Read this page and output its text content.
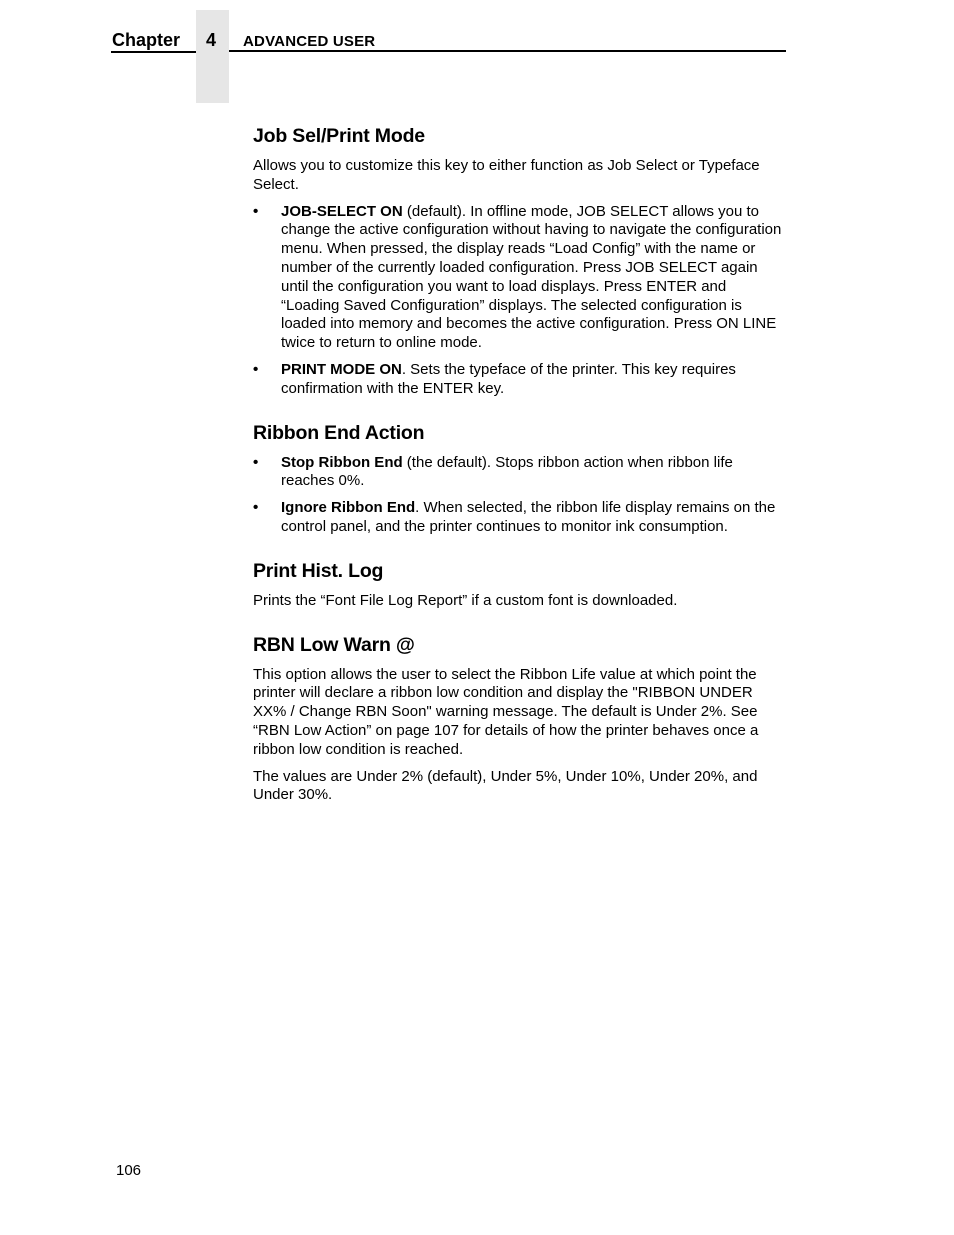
Chapter	4	ADVANCED USER
Job Sel/Print Mode

Allows you to customize this key to either function as Job Select or Typeface Select.

• JOB-SELECT ON (default). In offline mode, JOB SELECT allows you to change the active configuration without having to navigate the configuration menu. When pressed, the display reads “Load Config” with the name or number of the currently loaded configuration. Press JOB SELECT again until the configuration you want to load displays. Press ENTER and “Loading Saved Configuration” displays. The selected configuration is loaded into memory and becomes the active configuration. Press ON LINE twice to return to online mode.
• PRINT MODE ON. Sets the typeface of the printer. This key requires confirmation with the ENTER key.
Ribbon End Action
• Stop Ribbon End (the default). Stops ribbon action when ribbon life reaches 0%.
• Ignore Ribbon End. When selected, the ribbon life display remains on the control panel, and the printer continues to monitor ink consumption.
Print Hist. Log

Prints the “Font File Log Report” if a custom font is downloaded.

RBN Low Warn @

This option allows the user to select the Ribbon Life value at which point the printer will declare a ribbon low condition and display the "RIBBON UNDER XX% / Change RBN Soon" warning message. The default is Under 2%. See “RBN Low Action” on page 107 for details of how the printer behaves once a ribbon low condition is reached.

The values are Under 2% (default), Under 5%, Under 10%, Under 20%, and Under 30%.

106
